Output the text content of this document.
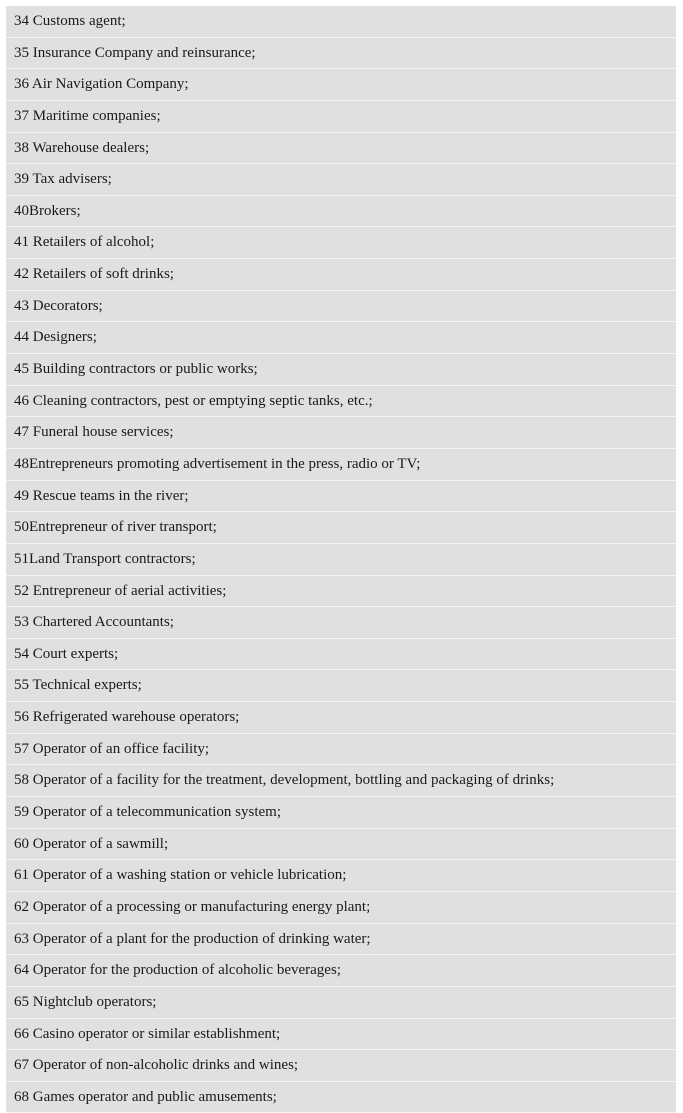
34 Customs agent;
35 Insurance Company and reinsurance;
36 Air Navigation Company;
37 Maritime companies;
38 Warehouse dealers;
39 Tax advisers;
40Brokers;
41 Retailers of alcohol;
42 Retailers of soft drinks;
43 Decorators;
44 Designers;
45 Building contractors or public works;
46 Cleaning contractors, pest or emptying septic tanks, etc.;
47 Funeral house services;
48Entrepreneurs promoting advertisement in the press, radio or TV;
49 Rescue teams in the river;
50Entrepreneur of river transport;
51Land Transport contractors;
52 Entrepreneur of aerial activities;
53 Chartered Accountants;
54 Court experts;
55 Technical experts;
56 Refrigerated warehouse operators;
57 Operator of an office facility;
58 Operator of a facility for the treatment, development, bottling and packaging of drinks;
59 Operator of a telecommunication system;
60 Operator of a sawmill;
61 Operator of a washing station or vehicle lubrication;
62 Operator of a processing or manufacturing energy plant;
63 Operator of a plant for the production of drinking water;
64 Operator for the production of alcoholic beverages;
65 Nightclub operators;
66 Casino operator or similar establishment;
67 Operator of non-alcoholic drinks and wines;
68 Games operator and public amusements;
